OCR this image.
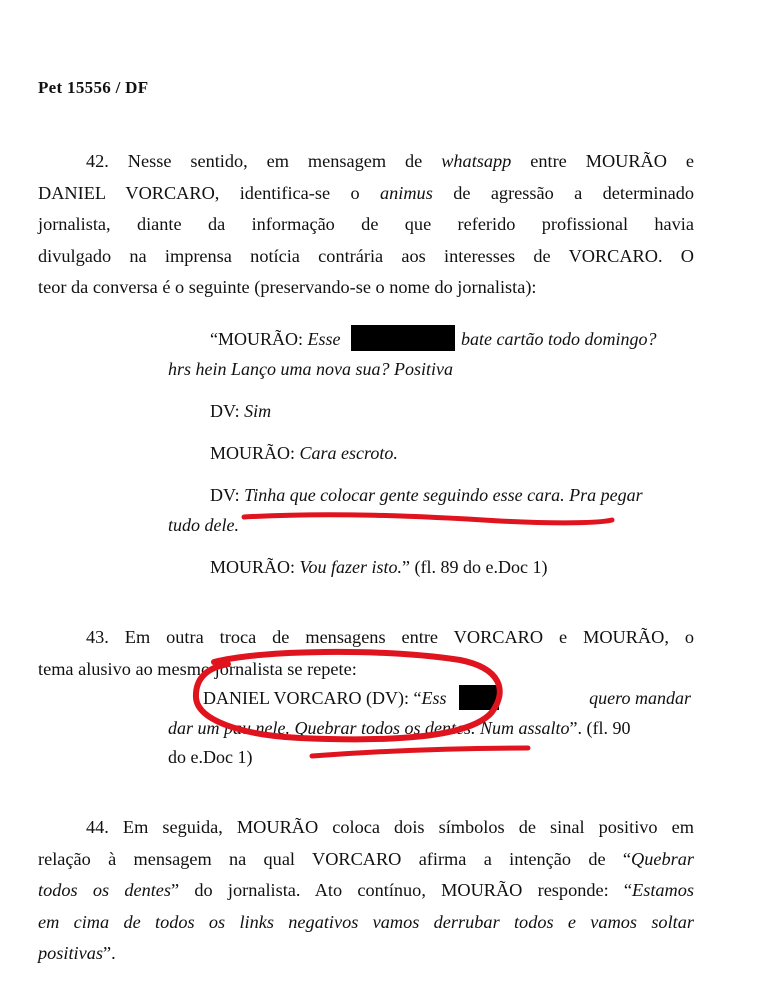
Pet 15556 / DF
42. Nesse sentido, em mensagem de whatsapp entre MOURÃO e
DANIEL VORCARO, identifica-se o animus de agressão a determinado
jornalista, diante da informação de que referido profissional havia
divulgado na imprensa notícia contrária aos interesses de VORCARO. O
teor da conversa é o seguinte (preservando-se o nome do jornalista):
“MOURÃO: Esse	bate cartão todo domingo?
hrs hein Lanço uma nova sua? Positiva
DV: Sim
MOURÃO: Cara escroto.
DV: Tinha que colocar gente seguindo esse cara. Pra pegar
tudo dele.
MOURÃO: Vou fazer isto.” (fl. 89 do e.Doc 1)
43. Em outra troca de mensagens entre VORCARO e MOURÃO, o
tema alusivo ao mesmo jornalista se repete:
DANIEL VORCARO (DV): “Ess	quero mandar
dar um pau nele. Quebrar todos os dentes. Num assalto”. (fl. 90
do e.Doc 1)
44. Em seguida, MOURÃO coloca dois símbolos de sinal positivo em
relação à mensagem na qual VORCARO afirma a intenção de “Quebrar
todos os dentes” do jornalista. Ato contínuo, MOURÃO responde: “Estamos
em cima de todos os links negativos vamos derrubar todos e vamos soltar
positivas”.
